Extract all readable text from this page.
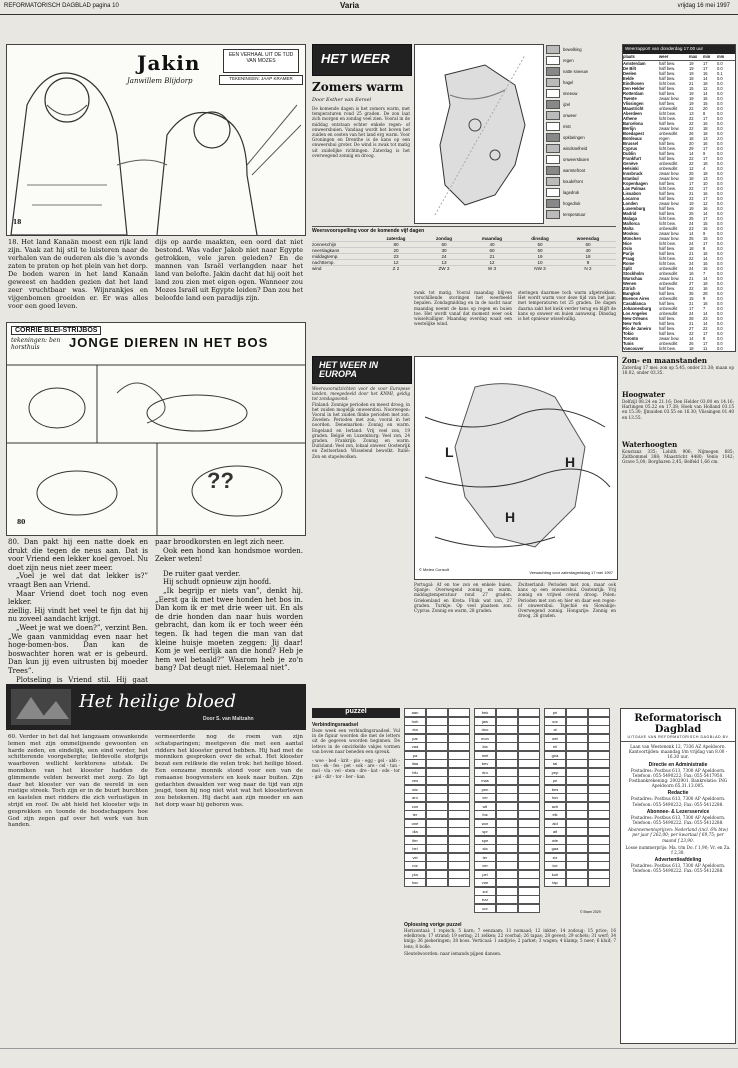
REFORMATORISCH DAGBLAD pagina 10	Varia	vrijdag 16 mei 1997
Jakin	EEN VERHAAL UIT DE TIJD VAN MOZES
Janwillem Blijdorp	TEKENINGEN: JAAP KRAMER
18
18. Het land Kanaän moest een rijk land zijn. Vaak zat hij stil te luisteren naar de verhalen van de ouderen als die 's avonds zaten te praten op het plein van het dorp. De boden waren in het land Kanaän geweest en hadden gezien dat het land zeer vruchtbaar was. Wijnrankjes en vijgenbomen groeiden er. Er was alles voor een goed leven.
dijs op aarde maakten, een oord dat niet bestond. Was vader Jakob niet naar Egypte getrokken, vele jaren geleden? En de mannen van Israël verlangden naar het land van belofte. Jakin dacht dat hij ooit het land zou zien met eigen ogen. Wanneer zou Mozes Israël uit Egypte leiden? Dan zou het beloofde land een paradijs zijn.
CORRIE BLEI-STRIJBOS
tekeningen: ben horsthuis	JONGE DIEREN IN HET BOS
??
80
80. Dan pakt hij een natte doek en drukt die tegen de neus aan. Dat is voor Vriend een lekker koel gevoel. Nu doet zijn neus niet zeer meer.
„Voel je wel dat dat lekker is?” vraagt Ben aan Vriend.
Maar Vriend doet toch nog even lekker.
ziellig. Hij vindt het veel te fijn dat hij nu zoveel aandacht krijgt.
„Weet je wat we doen?”, verzint Ben. „We gaan vanmiddag even naar het hoge-bomen-bos. Dan kan de boswachter horen wat er is gebeurd. Dan kun jij even uitrusten bij moeder Trees”.
Plotseling is Vriend stil. Hij gaat
paar broodkorsten en legt zich neer.
Ook een hond kan hondsmoe worden. Zeker weten!
De ruiter gaat verder.
Hij schudt opnieuw zijn hoofd.
„Ik begrijp er niets van”, denkt hij. „Eerst ga ik met twee honden het bos in. Dan kom ik er met drie weer uit. En als de drie honden dan naar huis worden gebracht, dan kom ik er toch weer één tegen. Ik had tegen die man van dat kleine huisje moeten zeggen: Jij daar! Kom je wel eerlijk aan die hond? Heb je hem wel betaald?” Waarom heb je zo'n bang? Dat deugt niet. Helemaal niet”.
Het heilige bloed
Door S. van Maltzahn
60. Verder in het dal het langzaam onwankende lemen met zijn ommelijnende gewoonten en harde zeden, en eindelijk, een eind verder, het schitterende voorgebergte; liefdevolle stofgrijs waarboven wellicht kerktorens uitstak. De monniken van het klooster hadden de glimmende velden bewerkt met zorg. Zo ligt daar het klooster ver van de wereld in een rustige streek. Toch zijn er in de buurt burchten en kastelen met ridders die zich verlustigen in strijd en roof. De abt hield het klooster wijs in gesprekken en toonde de boodschappers hoe God zijn zegen gaf over het werk van hun handen.
vermeerderde nog de roem van zijn schatsparingen; meetgeven die met een aantal ridders het klooster gered hebben. Hij had met de monniken gesproken over de schat. Het klooster bezat een relikwie die velen trok: het heilige bloed. Een eenzame monnik stond voor een van de romaanse boogvensters en keek naar buiten. Zijn gedachten dwaalden ver weg naar de tijd van zijn jeugd, toen hij nog niet wist wat het kloosterleven zou betekenen. Hij dacht aan zijn moeder en aan het dorp waar hij geboren was.
HET WEER
Zomers warm
Door Esther van Eersel
De komende dagen is het zomers warm, met temperaturen rond 25 graden. De zon laat zich morgen en zondag veel zien. Vooral in de middag ontstaan echter enkele regen- of onweersbuien. Vandaag wordt het boven het zuiden en oosten van het land erg warm. Voor Groningen en Drenthe is de kans op een onweersbui groter. De wind is zwak tot matig uit zuidelijke richtingen. Zaterdag is het overwegend zonnig en droog.
bewolking
regen
natte sneeuw
hagel
sneeuw
ijzel
onweer
mist
opklaringen
windsnelheid
onweersbuien
warmtefront
koudefront
lagedruk
hogedruk
temperatuur
Weersvoorspelling voor de komende vijf dagen
zaterdag	zondag	maandag	dinsdag	woensdag
zonneschijn	80	60	40	50	60
neerslagkans	20	30	60	50	40
middagtemp.	23	24	21	19	18
nachttemp.	12	13	12	10	9
wind	Z 2	ZW 3	W 3	NW 3	N 2
zwak tot matig. Vooral maandag blijven verschillende storingen het weerbeeld bepalen. Zondagmiddag en in de nacht naar maandag neemt de kans op regen en buien toe. Het wordt vanaf dat moment weer ook wisselvalliger. Maandag overdag waait een westelijke wind.
steringen daarmee toch warm afgetrokken. Het wordt warm voor deze tijd van het jaar, met temperaturen tot 25 graden. De dagen daarna zakt het kwik verder terug en blijft de kans op onweer en buien aanwezig. Dinsdag is het opnieuw wisselvallig.
Weerrapport van donderdag 17.00 uur
plaats	weer	max	min	mm
Amsterdam	half bew.	19	17	0.0
De Bilt	half bew.	19	17	0.0
Deelen	half bew.	19	15	0.1
Eelde	half bew.	18	14	0.0
Eindhoven	licht bew.	21	18	0.0
Den Helder	half bew.	15	12	0.0
Rotterdam	half bew.	19	14	0.0
Twente	zwaar bew.	19	16	0.0
Vlissingen	half bew.	19	15	0.0
Maastricht	onbewolkt	22	20	0.0
Aberdeen	licht bew.	13	8	0.0
Athene	licht bew.	22	17	0.0
Barcelona	half bew.	22	16	0.0
Berlijn	zwaar bew.	22	18	0.0
Boedapest	onbewolkt	26	18	0.0
Bordeaux	regen	18	13	2.0
Brussel	half bew.	20	16	0.0
Cyprus	licht bew.	29	17	0.0
Dublin	half bew.	14	9	0.0
Frankfurt	half bew.	22	17	0.0
Genève	onbewolkt	22	18	0.0
Helsinki	onbewolkt	12	4	0.0
Innsbruck	zwaar bew.	25	18	0.0
Istanbul	zwaar bew.	18	13	0.0
Kopenhagen	half bew.	17	10	0.0
Las Palmas	licht bew.	22	17	0.0
Lissabon	half bew.	21	16	0.0
Locarno	half bew.	22	17	0.0
Londen	zwaar bew.	19	12	0.0
Luxemburg	half bew.	19	16	0.0
Madrid	half bew.	25	14	0.0
Malaga	licht bew.	25	17	0.0
Mallorca	licht bew.	24	15	0.0
Malta	onbewolkt	23	16	0.0
Moskou	zwaar bew.	14	9	0.0
München	zwaar bew.	25	15	0.0
Nice	licht bew.	24	17	0.0
Oslo	half bew.	18	8	0.0
Parijs	half bew.	21	16	0.0
Praag	licht bew.	22	14	0.0
Rome	licht bew.	24	15	0.0
Split	onbewolkt	24	16	0.0
Stockholm	onbewolkt	16	7	0.0
Warschau	zwaar bew.	21	14	0.0
Wenen	onbewolkt	27	18	0.0
Zürich	half bew.	22	16	0.0
Bangkok	half bew.	35	28	0.0
Buenos Aires	onbewolkt	15	9	0.0
Casablanca	half bew.	21	16	0.0
Johannesburg	onbewolkt	17	7	0.0
Los Angeles	onbewolkt	24	14	0.0
New Orleans	half bew.	28	23	0.0
New York	half bew.	21	14	0.0
Rio de Janeiro	half bew.	27	22	0.0
Tokio	half bew.	22	17	0.0
Toronto	zwaar bew.	14	8	0.0
Tunis	onbewolkt	26	17	0.0
Vancouver	licht bew.	18	11	0.0
Zon- en maanstanden
Zaterdag 17 mei: zon op 5.45, onder 21.38; maan op 16.02, onder 03.35.
Hoogwater
Delfzijl 08.24 en 21.16; Den Helder 03.00 en 14.16; Harlingen 05.22 en 17.38; Hoek van Holland 03.15 en 15.30; IJmuiden 03.55 en 16.30; Vlissingen 01.40 en 13.55.
Waterhoogten
Konstanz 335; Lobith 906; Nijmegen 685; Zaltbommel 388; Maastricht 4480; Venlo 1142; Grave 5,00; Borgharen 2,45; Belfeld 1,66 cm.
HET WEER IN EUROPA
Weersvooruitzichten voor de voor Europese landen, meegedeeld door het KNMI, geldig tot zondagavond:
Finland: Zonnige perioden en meest droog; in het zuiden mogelijk onweersbui. Noorwegen: Vooral in het zuiden flinke perioden met zon. Zweden: Perioden met zon, vooral in het noorden. Denemarken: Zonnig en warm. Engeland en Ierland: Vrij veel zon, 19 graden. België en Luxemburg: Veel zon, 24 graden. Frankrijk: Zonnig en warm. Duitsland: Veel zon, lokaal onweer. Oostenrijk en Zwitserland: Wisselend bewolkt. Italië: Zon en stapelwolken.	L
H
H
© Meteo Consult
Verwachting voor zaterdagmiddag 17 mei 1997
Portugal: Af en toe zon en enkele buien. Spanje: Overwegend zonnig en warm, middagtemperatuur rond 27 graden. Griekenland en Kreta: Flink wat zon, 27 graden. Turkije: Op veel plaatsen zon. Cyprus: Zonnig en warm, 28 graden.
Zwitserland: Perioden met zon, maar ook kans op een onweersbui. Oostenrijk: Vrij zonnig en vrijwel overal droog. Polen: Perioden met zon en hier en daar een regen- of onweersbui. Tsjechië en Slowakije: Overwegend zonnig. Hongarije: Zonnig en droog, 26 graden.
puzzel
Verbindingsraadsel
Deze week een verbindingsraadsel. Vul in de figuur woorden die met de letters uit de gegeven woorden beginnen. De letters in de omcirkelde vakjes vormen van boven naar beneden een spreuk.
- woe - bed - krit - plo - egg - gel - abb - ton - ek - fes - pet - sok - are - cel - tan - mel - vla - vel - stem - dre - kat - ode - tor - gal - dir - tor - ber - kan
aan
hoh
ela
par
vaa
pa
ilaa
bfu
ves
wiz
aro
con
ter
one
dia
lfer
bei
vei
roz
pla
hoc
bek
jaw
doo
mon
kla
mei
bev
dro
mas
pen
ver
wil
fos
wor
spr
spe
sla
ter
ver
pei
voe
sni
ezz
cur
pri
oor
al
wel
eli
gna
tal
pep
pe
bes
hov
ach
elk
ald
alt
wie
gaa
ziz
ice
kuh
tap
© Bram 2029
Oplossing vorige puzzel
Horizontaal: 1 ropisch; 5 karn; 7 eenzaam; 11 nomaad; 12 inkter; 14 zodoug; 15 price; 16 edelkroon; 17 strand; 19 sering; 21 zelken; 22 voorbal; 26 tapas; 28 gevest; 29 schets; 31 werf; 34 knijp; 36 piekeringen; 38 boos. Verticaal: 1 andijvie; 2 parket; 3 wagen; 4 klamp; 5 neer; 6 kluif; 7 lens; 8 bolle.
Sleutelwoorden: naar iemands pijpen dansen.
Reformatorisch Dagblad
UITGAVE VAN REFORMATORISCH DAGBLAD BV
Laan van Westenenk 12, 7336 AZ Apeldoorn. Kantoortijden: maandag t/m vrijdag van 8.00 - 16.30 uur.
Directie en Administratie
Postadres: Postbus 613, 7300 AP Apeldoorn. Telefoon: 055-5490222; Fax: 055-5417950. Postbankrekening: 2002901. Bankrelatie: ING Apeldoorn 65.31.13.005.
Redactie
Postadres: Postbus 613, 7300 AP Apeldoorn. Telefoon: 055-5490222; Fax: 055-5412288.
Abonnee- & Lezersservice
Postadres: Postbus 613, 7300 AP Apeldoorn. Telefoon: 055-5490222. Fax: 055-5412288.
Abonnementsprijzen: Nederland (incl. 6% btw) per jaar f 262,00; per kwartaal f 69,75; per maand f 23,90.
Losse nummerprijs: Ma. t/m Do. f 1,90; Vr. en Za. f 2,30.
Advertentieafdeling
Postadres: Postbus 613, 7300 AP Apeldoorn. Telefoon: 055-5490222. Fax: 055-5412288.
